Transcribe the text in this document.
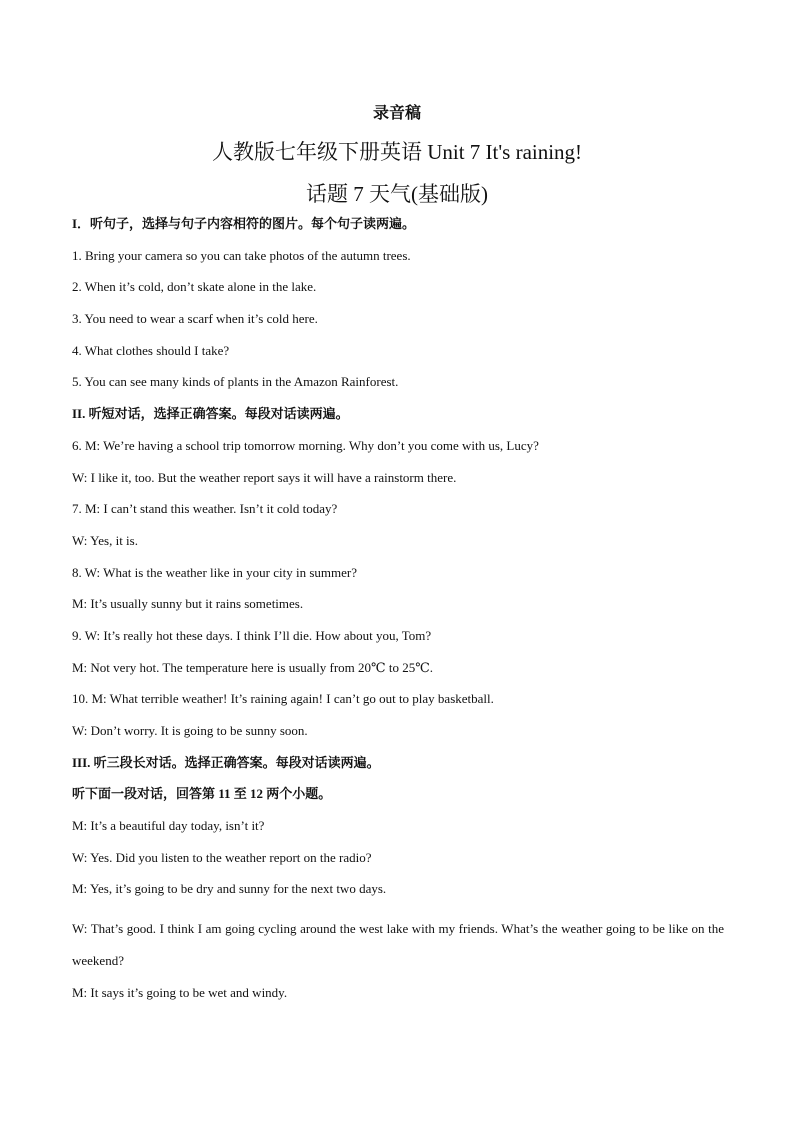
录音稿
人教版七年级下册英语 Unit 7 It's raining!
话题 7 天气(基础版)
I．听句子，选择与句子内容相符的图片。每个句子读两遍。
1. Bring your camera so you can take photos of the autumn trees.
2. When it’s cold, don’t skate alone in the lake.
3. You need to wear a scarf when it’s cold here.
4. What clothes should I take?
5. You can see many kinds of plants in the Amazon Rainforest.
II. 听短对话，选择正确答案。每段对话读两遍。
6. M: We’re having a school trip tomorrow morning. Why don’t you come with us, Lucy?
W: I like it, too. But the weather report says it will have a rainstorm there.
7. M: I can’t stand this weather. Isn’t it cold today?
W: Yes, it is.
8. W: What is the weather like in your city in summer?
M: It’s usually sunny but it rains sometimes.
9. W: It’s really hot these days. I think I’ll die. How about you, Tom?
M: Not very hot. The temperature here is usually from 20℃ to 25℃.
10. M: What terrible weather! It’s raining again! I can’t go out to play basketball.
W: Don’t worry. It is going to be sunny soon.
III. 听三段长对话。选择正确答案。每段对话读两遍。
听下面一段对话，回答第 11 至 12 两个小题。
M: It’s a beautiful day today, isn’t it?
W: Yes. Did you listen to the weather report on the radio?
M: Yes, it’s going to be dry and sunny for the next two days.
W: That’s good. I think I am going cycling around the west lake with my friends. What’s the weather going to be like on the weekend?
M: It says it’s going to be wet and windy.
